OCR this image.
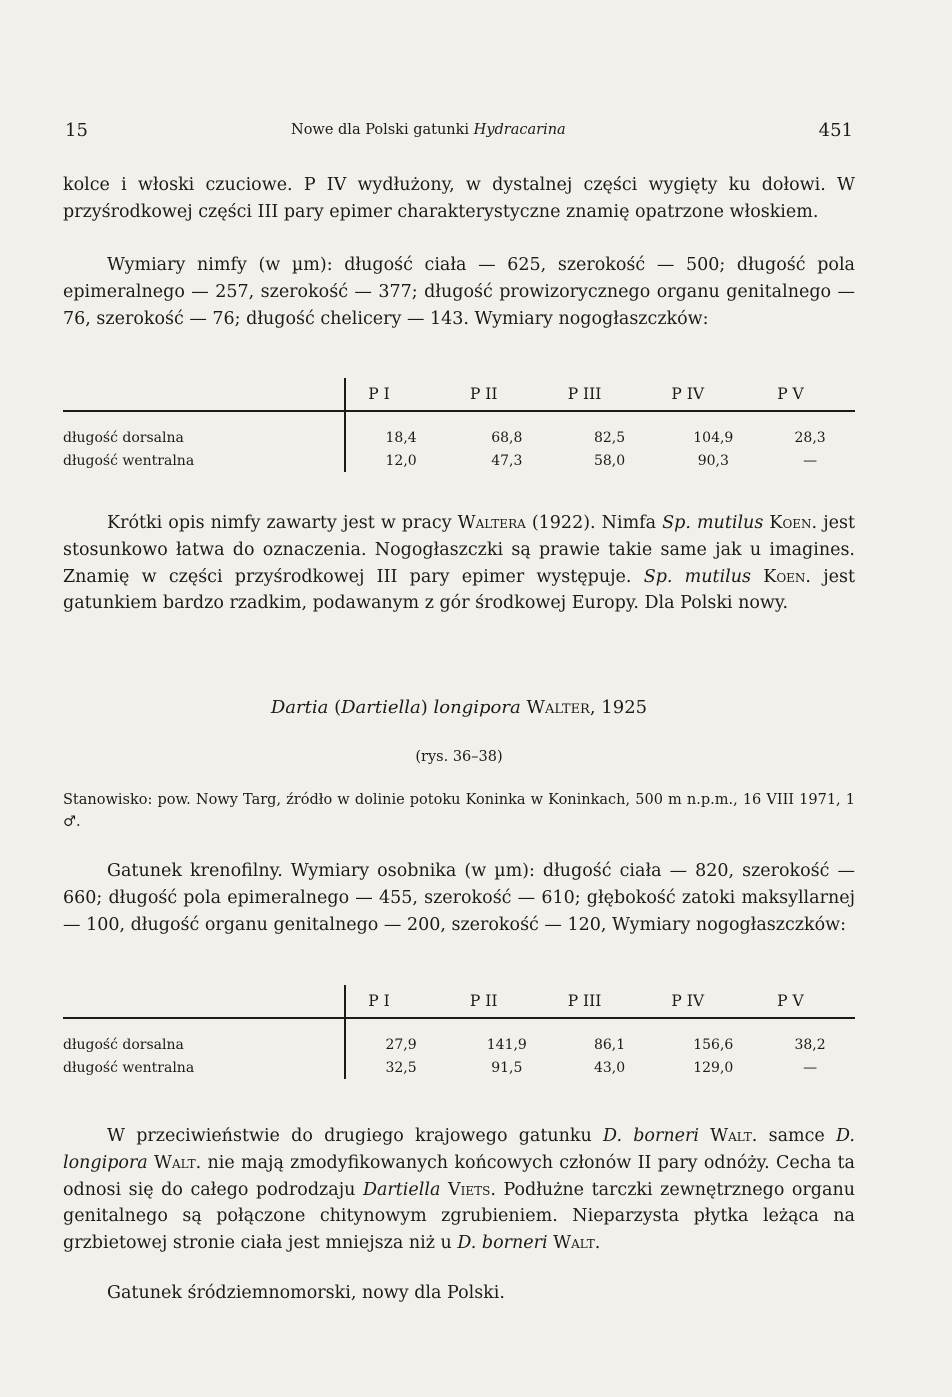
15	Nowe dla Polski gatunki Hydracarina	451

kolce i włoski czuciowe. P IV wydłużony, w dystalnej części wygięty ku dołowi. W przyśrodkowej części III pary epimer charakterystyczne znamię opatrzone włoskiem.

Wymiary nimfy (w µm): długość ciała — 625, szerokość — 500; długość pola epimeralnego — 257, szerokość — 377; długość prowizorycznego organu genitalnego — 76, szerokość — 76; długość chelicery — 143. Wymiary nogogłaszczków:

	P I	P II	P III	P IV	P V
długość dorsalna	18,4	68,8	82,5	104,9	28,3
długość wentralna	12,0	47,3	58,0	90,3	—

Krótki opis nimfy zawarty jest w pracy Waltera (1922). Nimfa Sp. mutilus Koen. jest stosunkowo łatwa do oznaczenia. Nogogłaszczki są prawie takie same jak u imagines. Znamię w części przyśrodkowej III pary epimer występuje. Sp. mutilus Koen. jest gatunkiem bardzo rzadkim, podawanym z gór środkowej Europy. Dla Polski nowy.

Dartia (Dartiella) longipora Walter, 1925
(rys. 36–38)

Stanowisko: pow. Nowy Targ, źródło w dolinie potoku Koninka w Koninkach, 500 m n.p.m., 16 VIII 1971, 1 ♂.

Gatunek krenofilny. Wymiary osobnika (w µm): długość ciała — 820, szerokość — 660; długość pola epimeralnego — 455, szerokość — 610; głębokość zatoki maksyllarnej — 100, długość organu genitalnego — 200, szerokość — 120, Wymiary nogogłaszczków:

	P I	P II	P III	P IV	P V
długość dorsalna	27,9	141,9	86,1	156,6	38,2
długość wentralna	32,5	91,5	43,0	129,0	—

W przeciwieństwie do drugiego krajowego gatunku D. borneri Walt. samce D. longipora Walt. nie mają zmodyfikowanych końcowych członów II pary odnóży. Cecha ta odnosi się do całego podrodzaju Dartiella Viets. Podłużne tarczki zewnętrznego organu genitalnego są połączone chitynowym zgrubieniem. Nieparzysta płytka leżąca na grzbietowej stronie ciała jest mniejsza niż u D. borneri Walt.

Gatunek śródziemnomorski, nowy dla Polski.
